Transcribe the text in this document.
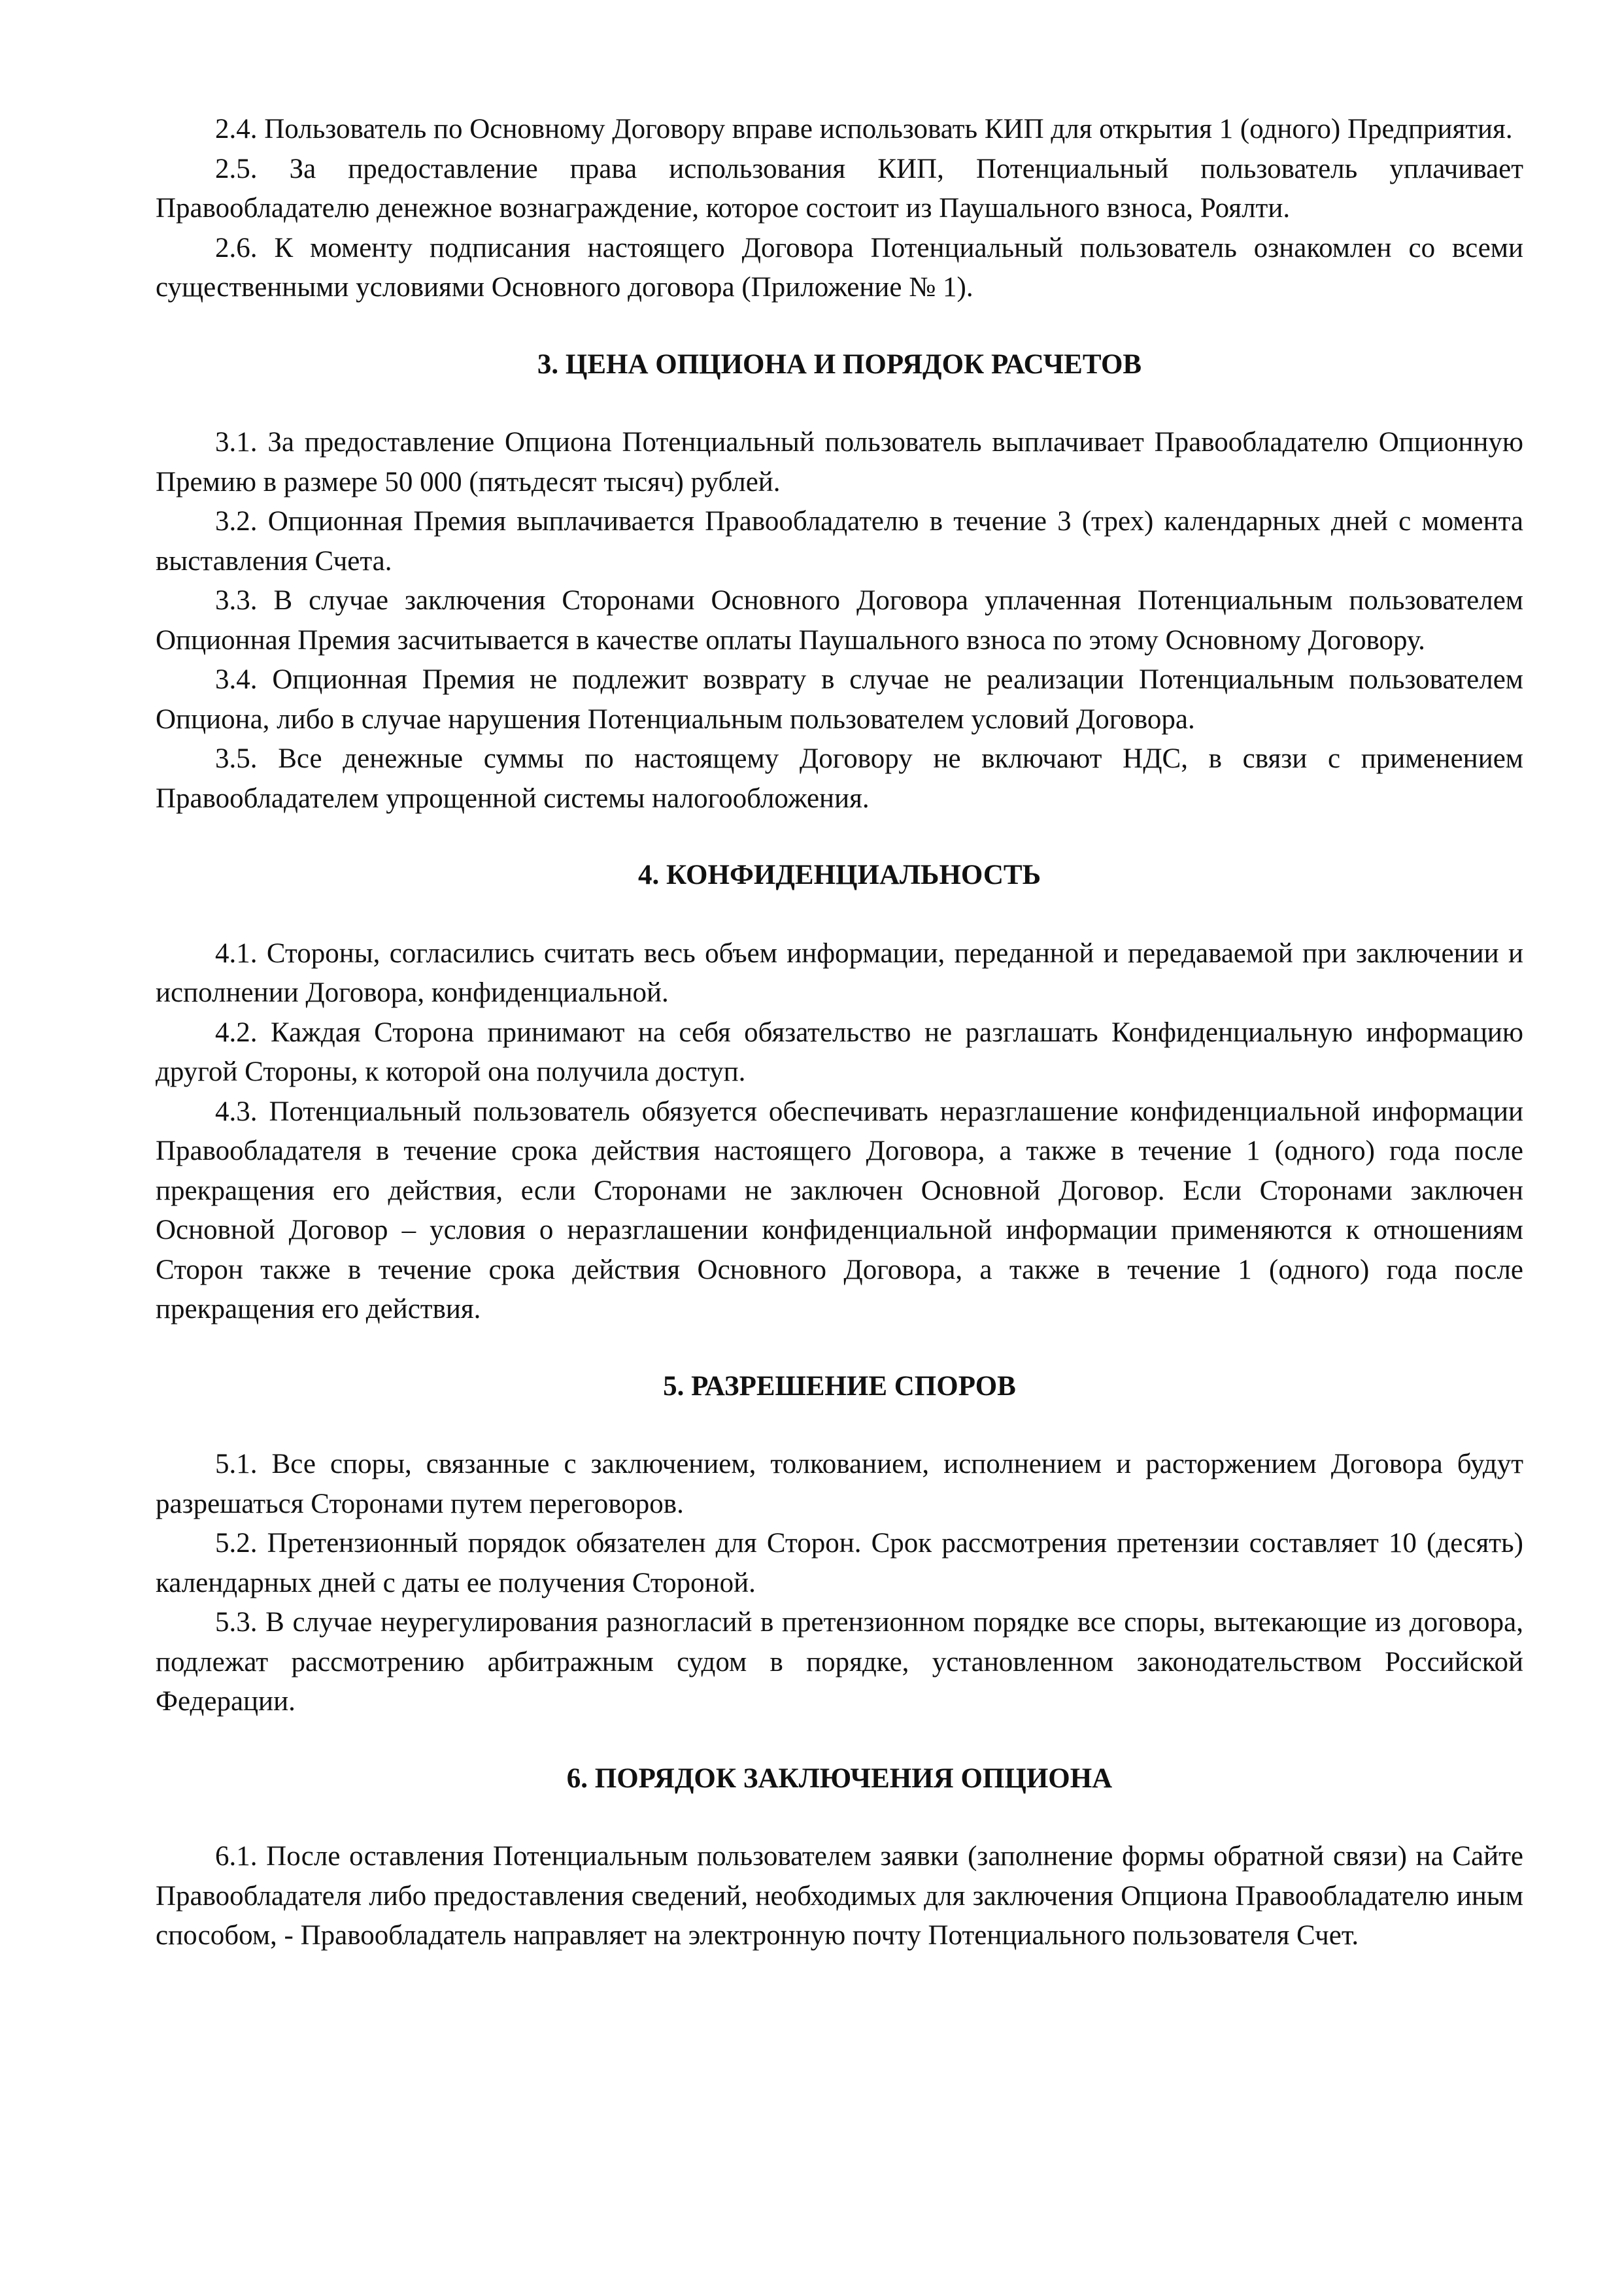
2.4. Пользователь по Основному Договору вправе использовать КИП для открытия 1 (одного) Предприятия.

2.5. За предоставление права использования КИП, Потенциальный пользователь уплачивает Правообладателю денежное вознаграждение, которое состоит из Паушального взноса, Роялти.

2.6. К моменту подписания настоящего Договора Потенциальный пользователь ознакомлен со всеми существенными условиями Основного договора (Приложение № 1).

3. ЦЕНА ОПЦИОНА И ПОРЯДОК РАСЧЕТОВ

3.1. За предоставление Опциона Потенциальный пользователь выплачивает Правообладателю Опционную Премию в размере 50 000 (пятьдесят тысяч) рублей.

3.2. Опционная Премия выплачивается Правообладателю в течение 3 (трех) календарных дней с момента выставления Счета.

3.3. В случае заключения Сторонами Основного Договора уплаченная Потенциальным пользователем Опционная Премия засчитывается в качестве оплаты Паушального взноса по этому Основному Договору.

3.4. Опционная Премия не подлежит возврату в случае не реализации Потенциальным пользователем Опциона, либо в случае нарушения Потенциальным пользователем условий Договора.

3.5. Все денежные суммы по настоящему Договору не включают НДС, в связи с применением Правообладателем упрощенной системы налогообложения.

4. КОНФИДЕНЦИАЛЬНОСТЬ

4.1. Стороны, согласились считать весь объем информации, переданной и передаваемой при заключении и исполнении Договора, конфиденциальной.

4.2. Каждая Сторона принимают на себя обязательство не разглашать Конфиденциальную информацию другой Стороны, к которой она получила доступ.

4.3. Потенциальный пользователь обязуется обеспечивать неразглашение конфиденциальной информации Правообладателя в течение срока действия настоящего Договора, а также в течение 1 (одного) года после прекращения его действия, если Сторонами не заключен Основной Договор. Если Сторонами заключен Основной Договор – условия о неразглашении конфиденциальной информации применяются к отношениям Сторон также в течение срока действия Основного Договора, а также в течение 1 (одного) года после прекращения его действия.

5. РАЗРЕШЕНИЕ СПОРОВ

5.1. Все споры, связанные с заключением, толкованием, исполнением и расторжением Договора будут разрешаться Сторонами путем переговоров.

5.2. Претензионный порядок обязателен для Сторон. Срок рассмотрения претензии составляет 10 (десять) календарных дней с даты ее получения Стороной.

5.3. В случае неурегулирования разногласий в претензионном порядке все споры, вытекающие из договора, подлежат рассмотрению арбитражным судом в порядке, установленном законодательством Российской Федерации.

6. ПОРЯДОК ЗАКЛЮЧЕНИЯ ОПЦИОНА

6.1. После оставления Потенциальным пользователем заявки (заполнение формы обратной связи) на Сайте Правообладателя либо предоставления сведений, необходимых для заключения Опциона Правообладателю иным способом, - Правообладатель направляет на электронную почту Потенциального пользователя Счет.
